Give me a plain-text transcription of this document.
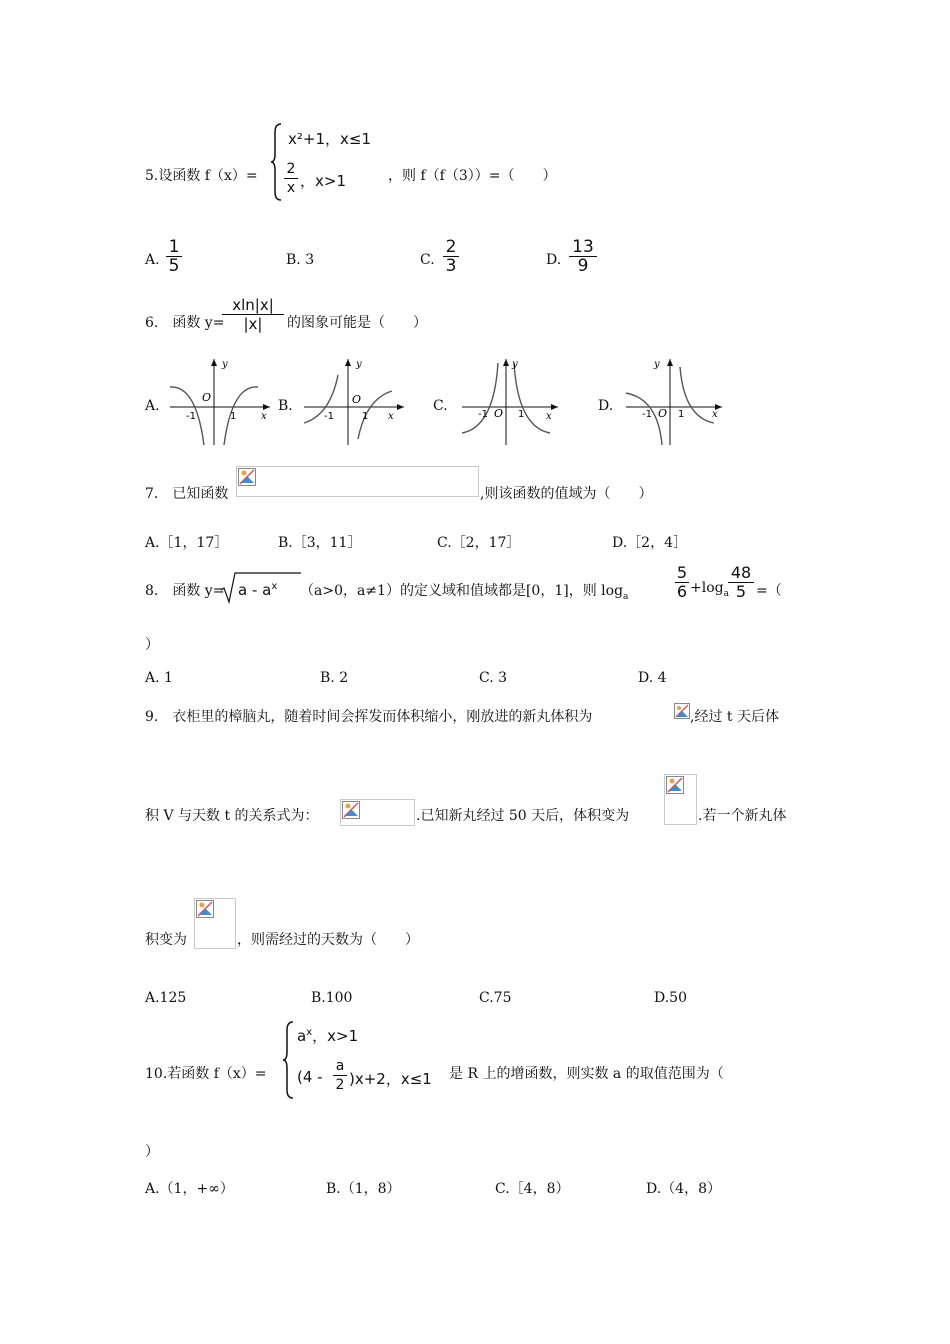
5.设函数 f（x）=
x²+1，x≤1
$\frac{2}{x}$ ，x>1	，则 f（f（3））=（　　）
A. $\frac{1}{5}$	B. 3	C. $\frac{2}{3}$	D. $\frac{13}{9}$
6.　函数 y=
$\frac{xln|x|}{|x|}$ 的图象可能是（　　）
A.	B.	C.	D.
y
O
-1	1 x
y
O
-1	1 x
y
O
-1	1 x
y
O
-1	1	x
7.　已知函数	,则该函数的值域为（　　）
A.［1，17］	B.［3，11］	C.［2，17］	D.［2，4］
8.　函数 $y= a - a^x$ （a>0，a≠1）的定义域和值域都是[0，1]，则 $\log_a$	$\frac{5}{6} +\log_a \frac{48}{5}$ =（
）
A. 1	B. 2	C. 3	D. 4
9.　衣柜里的樟脑丸，随着时间会挥发而体积缩小，刚放进的新丸体积为	,经过 t 天后体
积 V 与天数 t 的关系式为：	.已知新丸经过 50 天后，体积变为	.若一个新丸体
积变为	，则需经过的天数为（　　）
A.125	B.100	C.75	D.50
10.若函数 f（x）=
$a^x$，x>1
$(4 - \frac{a}{2} )x+2$，x≤1 是 R 上的增函数，则实数 a 的取值范围为（
）
A.（1，+∞）	B.（1，8）	C.［4，8）	D.（4，8）
